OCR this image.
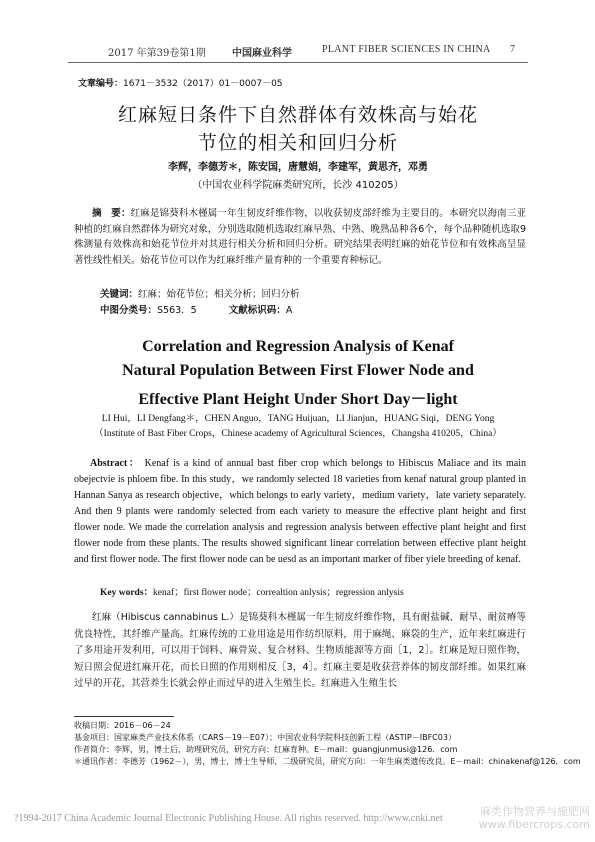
2017 年第39卷第1期	中国麻业科学	PLANT FIBER SCIENCES IN CHINA 7
文章编号：1671－3532（2017）01－0007－05
红麻短日条件下自然群体有效株高与始花
节位的相关和回归分析
李辉，李德芳＊，陈安国，唐慧娟，李建军，黄思齐，邓勇
（中国农业科学院麻类研究所，长沙 410205）
摘　要：红麻是锦葵科木槿属一年生韧皮纤维作物，以收获韧皮部纤维为主要目的。本研究以海南三亚种植的红麻自然群体为研究对象，分别选取随机选取红麻早熟、中熟、晚熟品种各6个，每个品种随机选取9株测量有效株高和始花节位并对其进行相关分析和回归分析。研究结果表明红麻的始花节位和有效株高呈显著性线性相关。始花节位可以作为红麻纤维产量育种的一个重要育种标记。
关键词：红麻；始花节位；相关分析；回归分析
中图分类号：S563．5	文献标识码：A
Correlation and Regression Analysis of Kenaf
Natural Population Between First Flower Node and
Effective Plant Height Under Short Day－light
LI Hui，LI Dengfang＊，CHEN Anguo，TANG Huijuan，LI Jianjun，HUANG Siqi，DENG Yong
（Institute of Bast Fiber Crops，Chinese academy of Agricultural Sciences，Changsha 410205，China）
Abstract： Kenaf is a kind of annual bast fiber crop which belongs to Hibiscus Maliace and its main obejectvie is phloem fibe. In this study，we randomly selected 18 varieties from kenaf natural group planted in Hannan Sanya as research objective，which belongs to early variety，medium variety，late variety separately. And then 9 plants were randomly selected from each variety to measure the effective plant height and first flower node. We made the correlation analysis and regression analysis between effective plant height and first flower node from these plants. The results showed significant linear correlation between effective plant height and first flower node. The first flower node can be uesd as an important marker of fiber yiele breeding of kenaf.
Key words：kenaf；first flower node；correaltion anlysis；regression anlysis
红麻（Hibiscus cannabinus L.）是锦葵科木槿属一年生韧皮纤维作物，具有耐盐碱、耐旱、耐贫瘠等优良特性，其纤维产量高。红麻传统的工业用途是用作纺织原料，用于麻绳、麻袋的生产，近年来红麻进行了多用途开发利用，可以用于饲料、麻骨炭、复合材料、生物质能源等方面［1，2］。红麻是短日照作物，短日照会促进红麻开花，而长日照的作用则相反［3，4］。红麻主要是收获营养体的韧皮部纤维。如果红麻过早的开花，其营养生长就会停止而过早的进入生殖生长。红麻进入生殖生长
收稿日期：2016－06－24
基金项目：国家麻类产业技术体系（CARS－19－E07）；中国农业科学院科技创新工程（ASTIP－IBFC03）
作者简介：李辉，男，博士后，助理研究员，研究方向：红麻育种。E－mail：guangjunmusi@126．com
＊通讯作者：李德芳（1962－），男，博士，博士生导师，二级研究员，研究方向：一年生麻类遗传改良。E－mail：chinakenaf@126．com
?1994-2017 China Academic Journal Electronic Publishing House. All rights reserved. http://www.cnki.net
麻类作物营养与施肥网
www.fibercrops.com
